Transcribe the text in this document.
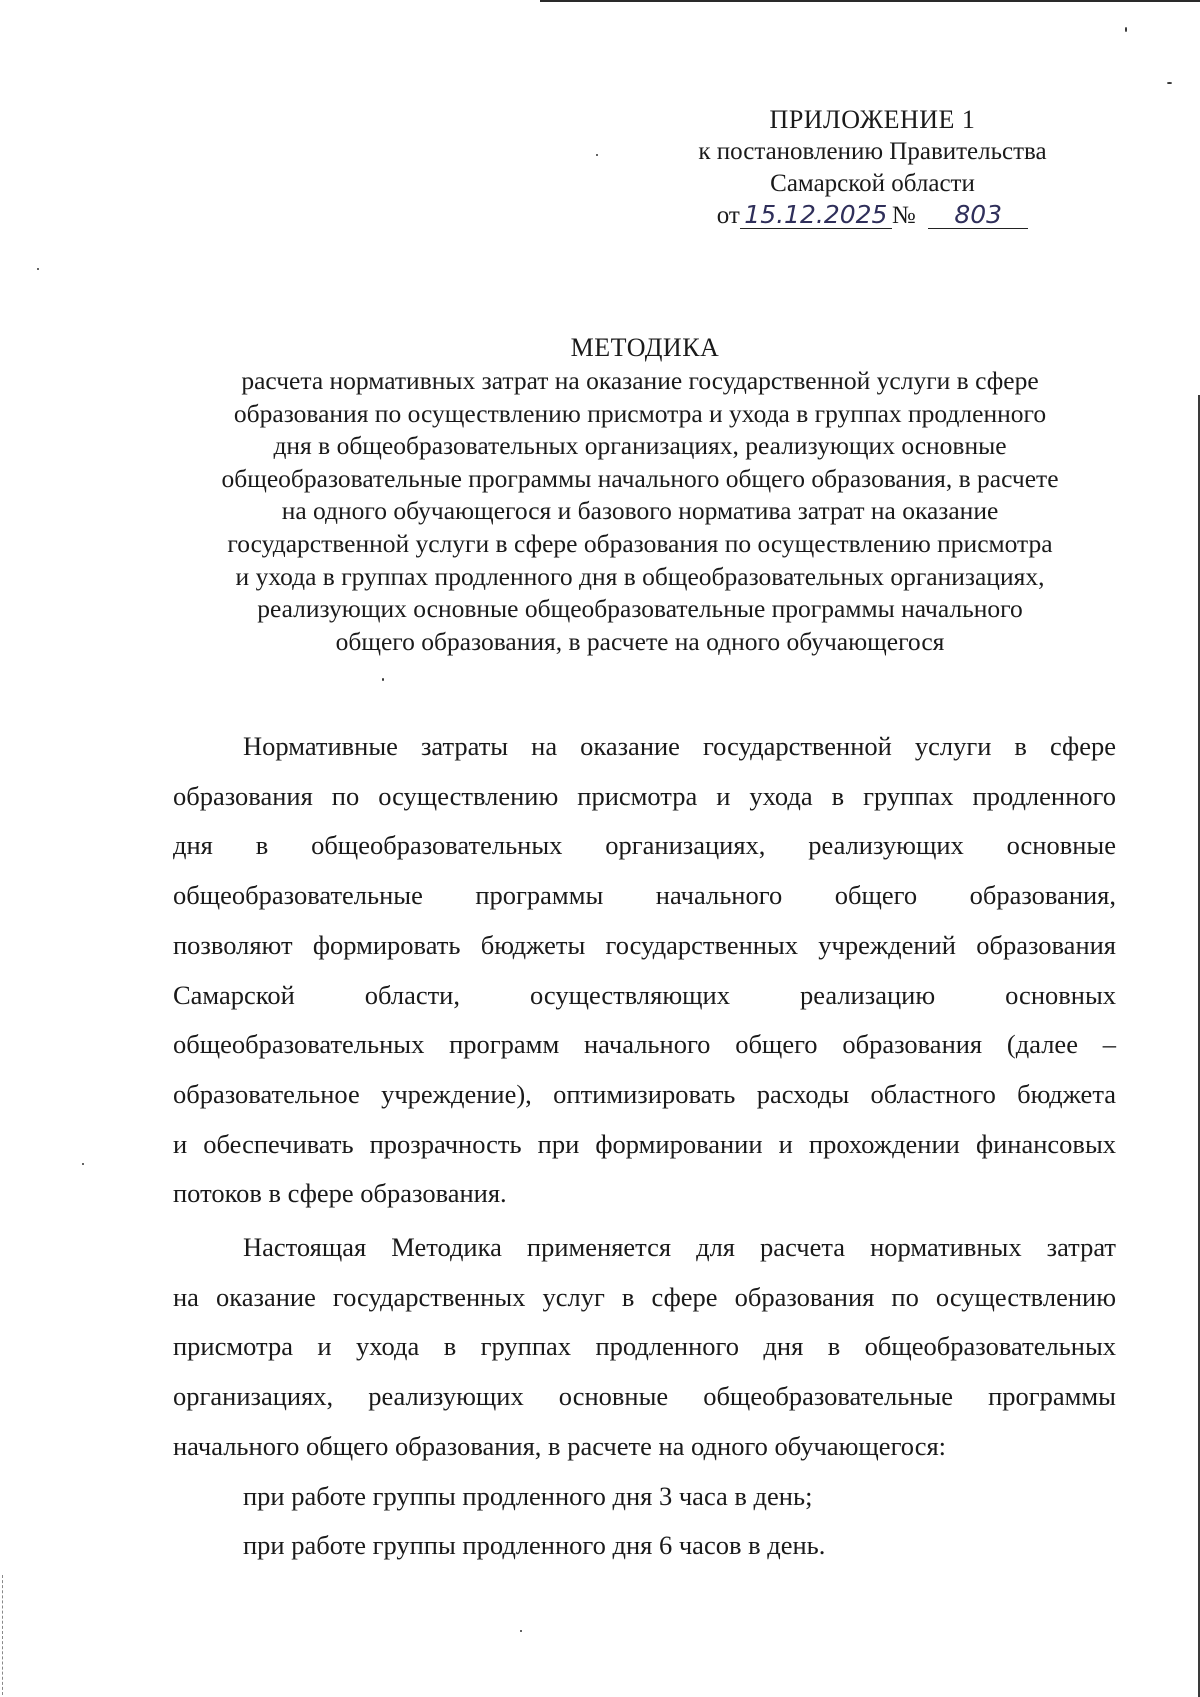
ПРИЛОЖЕНИЕ 1
к постановлению Правительства
Самарской области
от 15.12.2025 № 803
МЕТОДИКА
расчета нормативных затрат на оказание государственной услуги в сфере
образования по осуществлению присмотра и ухода в группах продленного
дня в общеобразовательных организациях, реализующих основные
общеобразовательные программы начального общего образования, в расчете
на одного обучающегося и базового норматива затрат на оказание
государственной услуги в сфере образования по осуществлению присмотра
и ухода в группах продленного дня в общеобразовательных организациях,
реализующих основные общеобразовательные программы начального
общего образования, в расчете на одного обучающегося
Нормативные затраты на оказание государственной услуги в сфере
образования по осуществлению присмотра и ухода в группах продленного
дня в общеобразовательных организациях, реализующих основные
общеобразовательные программы начального общего образования,
позволяют формировать бюджеты государственных учреждений образования
Самарской области, осуществляющих реализацию основных
общеобразовательных программ начального общего образования (далее –
образовательное учреждение), оптимизировать расходы областного бюджета
и обеспечивать прозрачность при формировании и прохождении финансовых
потоков в сфере образования.
Настоящая Методика применяется для расчета нормативных затрат
на оказание государственных услуг в сфере образования по осуществлению
присмотра и ухода в группах продленного дня в общеобразовательных
организациях, реализующих основные общеобразовательные программы
начального общего образования, в расчете на одного обучающегося:
при работе группы продленного дня 3 часа в день;
при работе группы продленного дня 6 часов в день.
